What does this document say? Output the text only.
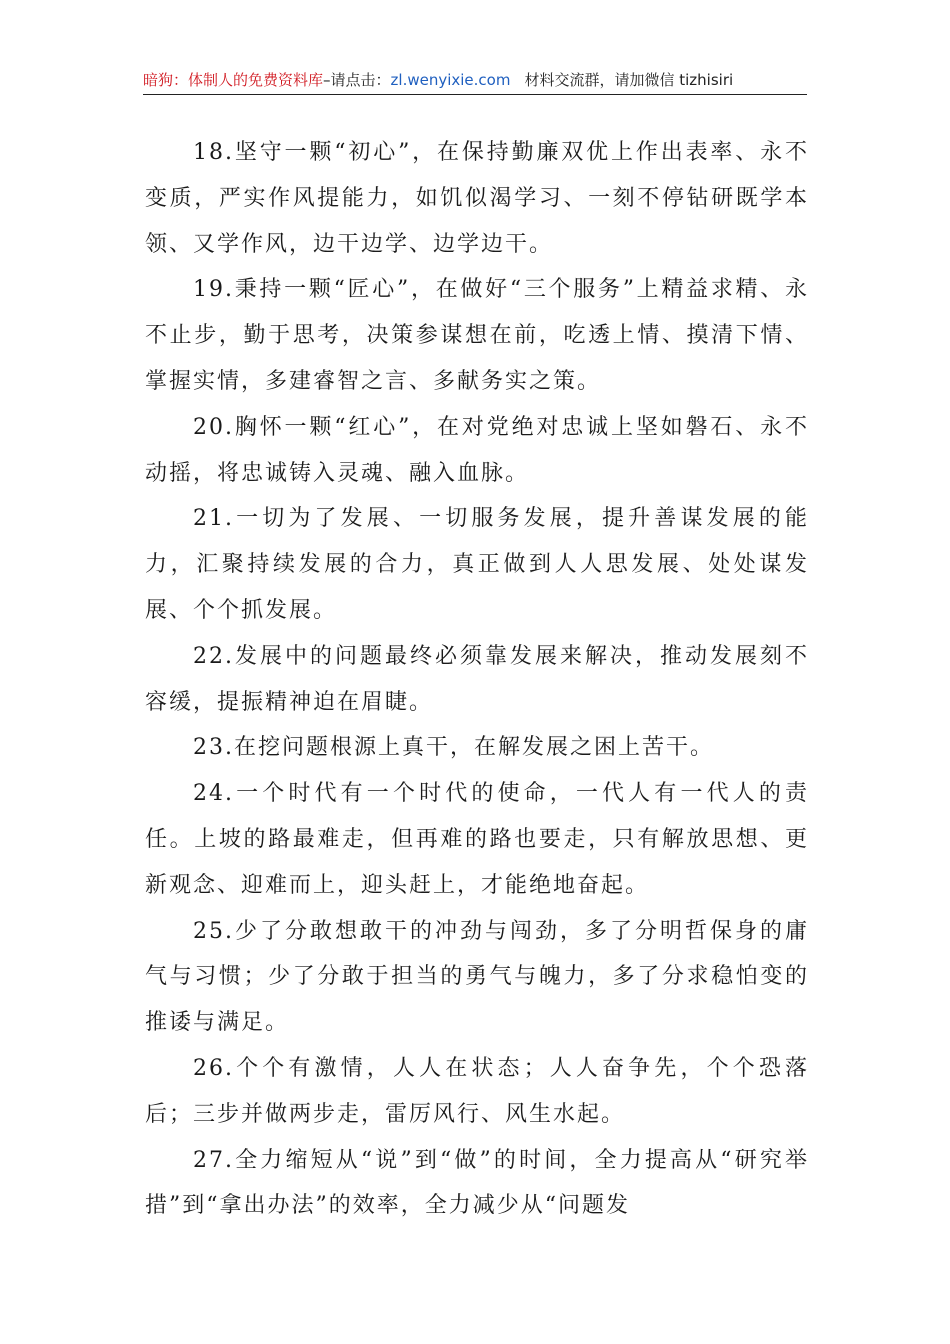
暗狗：体制人的免费资料库–请点击：zl.wenyixie.com 材料交流群，请加微信 tizhisiri

18.坚守一颗“初心”，在保持勤廉双优上作出表率、永不变质，严实作风提能力，如饥似渴学习、一刻不停钻研既学本领、又学作风，边干边学、边学边干。

19.秉持一颗“匠心”，在做好“三个服务”上精益求精、永不止步，勤于思考，决策参谋想在前，吃透上情、摸清下情、掌握实情，多建睿智之言、多献务实之策。

20.胸怀一颗“红心”，在对党绝对忠诚上坚如磐石、永不动摇，将忠诚铸入灵魂、融入血脉。

21.一切为了发展、一切服务发展，提升善谋发展的能力，汇聚持续发展的合力，真正做到人人思发展、处处谋发展、个个抓发展。

22.发展中的问题最终必须靠发展来解决，推动发展刻不容缓，提振精神迫在眉睫。

23.在挖问题根源上真干，在解发展之困上苦干。

24.一个时代有一个时代的使命，一代人有一代人的责任。上坡的路最难走，但再难的路也要走，只有解放思想、更新观念、迎难而上，迎头赶上，才能绝地奋起。

25.少了分敢想敢干的冲劲与闯劲，多了分明哲保身的庸气与习惯；少了分敢于担当的勇气与魄力，多了分求稳怕变的推诿与满足。

26.个个有激情，人人在状态；人人奋争先，个个恐落后；三步并做两步走，雷厉风行、风生水起。

27.全力缩短从“说”到“做”的时间，全力提高从“研究举措”到“拿出办法”的效率，全力减少从“问题发
